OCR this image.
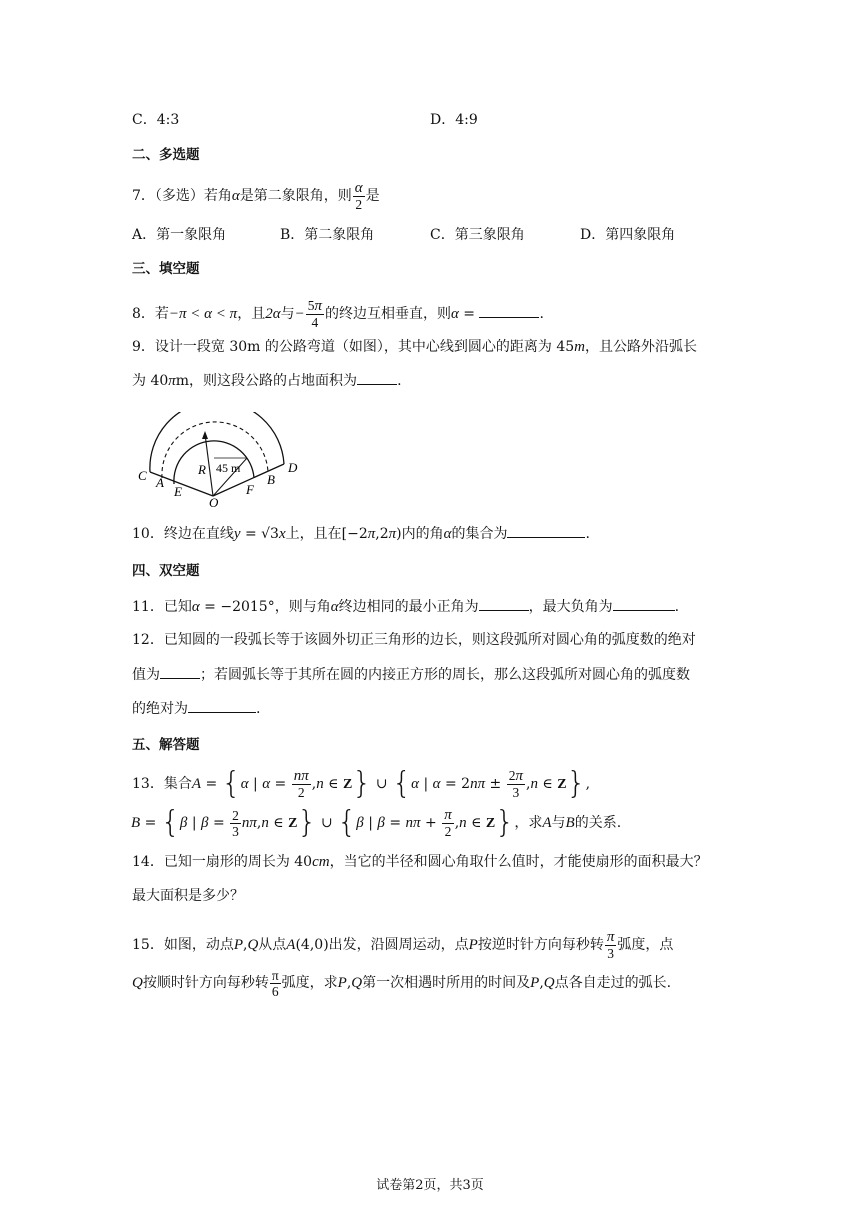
C．4:3	D．4:9
二、多选题
7．（多选）若角α是第二象限角，则 $\frac{\alpha}{2}$ 是
A．第一象限角	B．第二象限角	C．第三象限角	D．第四象限角
三、填空题
8．若−π < α < π，且2α与− $\frac{5\pi}{4}$ 的终边互相垂直，则α =	.
9．设计一段宽 30m 的公路弯道（如图），其中心线到圆心的距离为 45m，且公路外沿弧长
为 40πm，则这段公路的占地面积为	.
C A
E
O
F
B
D
R 45 m
10．终边在直线y = √3x上，且在[−2π,2π)内的角α的集合为	.
四、双空题
11．已知α = −2015°，则与角α终边相同的最小正角为	，最大负角为	.
12．已知圆的一段弧长等于该圆外切正三角形的边长，则这段弧所对圆心角的弧度数的绝对
值为	；若圆弧长等于其所在圆的内接正方形的周长，那么这段弧所对圆心角的弧度数
的绝对为	.
五、解答题
13．集合A = {α | $\alpha = \frac{n\pi}{2} ,n$ ∈ Z} ∪ {α | $\alpha = 2n\pi \pm \frac{2\pi}{3} ,n$ ∈ Z},
B = {β | $\beta = \frac{2}{3} n\pi,n$ ∈ Z} ∪ {β | $\beta = n\pi + \frac{\pi}{2} ,n$ ∈ Z}，求A与B的关系.
14．已知一扇形的周长为 40cm，当它的半径和圆心角取什么值时，才能使扇形的面积最大？
最大面积是多少？
15．如图，动点P,Q从点A(4,0)出发，沿圆周运动，点P按逆时针方向每秒转 $\frac{\pi}{3}$ 弧度，点
Q按顺时针方向每秒转 $\frac{\pi}{6}$ 弧度，求P,Q第一次相遇时所用的时间及P,Q点各自走过的弧长.
试卷第2页，共3页
